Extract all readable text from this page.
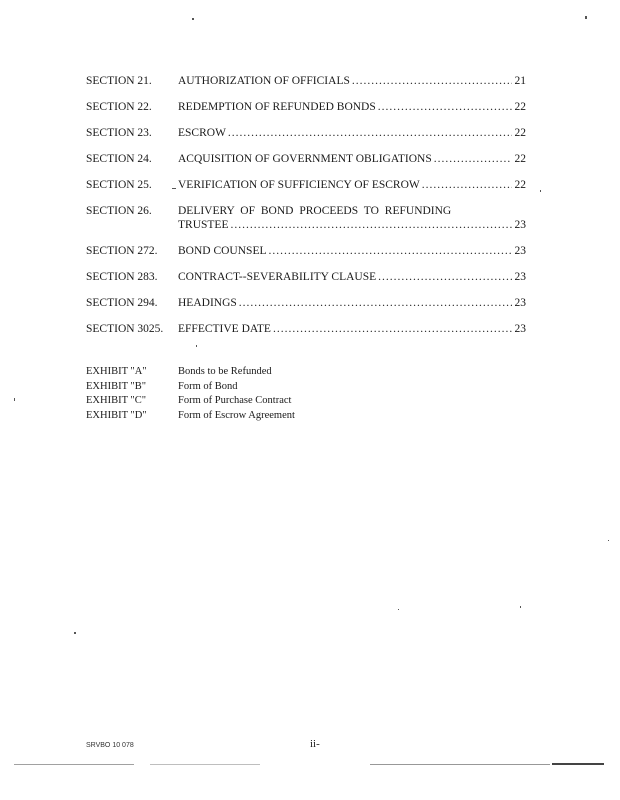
SECTION 21. AUTHORIZATION OF OFFICIALS .....	21
SECTION 22. REDEMPTION OF REFUNDED BONDS .....	22
SECTION 23. ESCROW .....	22
SECTION 24. ACQUISITION OF GOVERNMENT OBLIGATIONS .....	22
SECTION 25. VERIFICATION OF SUFFICIENCY OF ESCROW .....	22
SECTION 26. DELIVERY OF BOND PROCEEDS TO REFUNDING
TRUSTEE .....	23
SECTION 272. BOND COUNSEL .....	23
SECTION 283. CONTRACT--SEVERABILITY CLAUSE .....	23
SECTION 294. HEADINGS .....	23
SECTION 3025. EFFECTIVE DATE .....	23
EXHIBIT "A"	Bonds to be Refunded
EXHIBIT "B"	Form of Bond
EXHIBIT "C"	Form of Purchase Contract
EXHIBIT "D"	Form of Escrow Agreement
SRVBO 10 078	ii-
